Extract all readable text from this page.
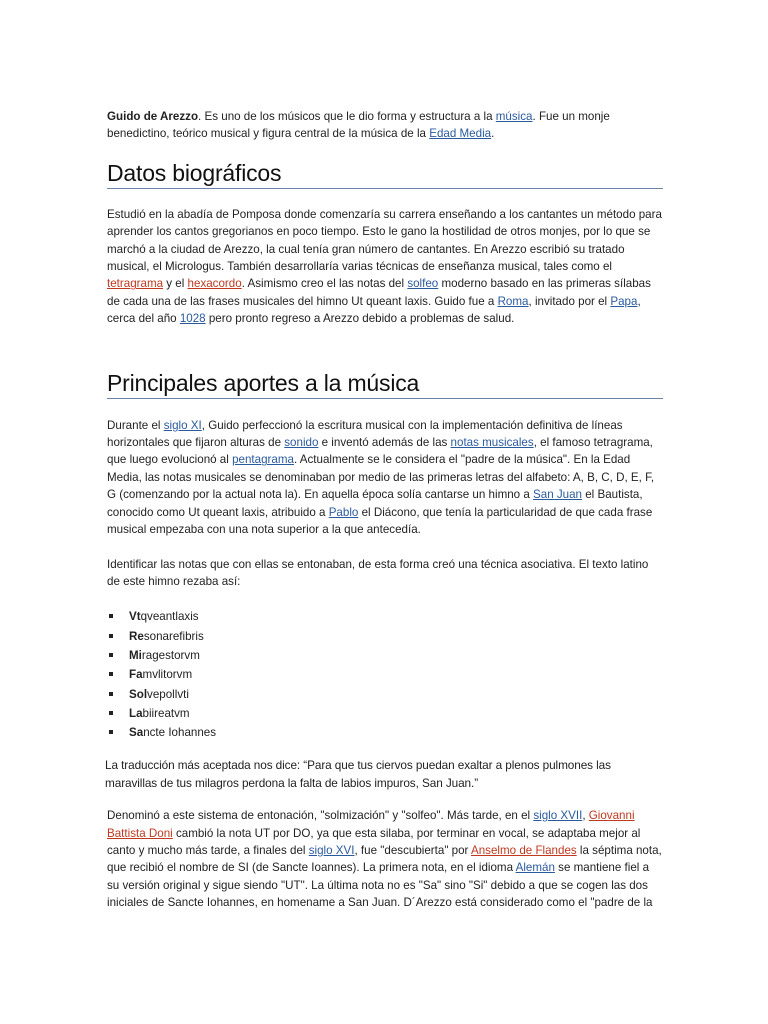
Guido de Arezzo. Es uno de los músicos que le dio forma y estructura a la música. Fue un monje benedictino, teórico musical y figura central de la música de la Edad Media.

Datos biográficos

Estudió en la abadía de Pomposa donde comenzaría su carrera enseñando a los cantantes un método para aprender los cantos gregorianos en poco tiempo. Esto le gano la hostilidad de otros monjes, por lo que se marchó a la ciudad de Arezzo, la cual tenía gran número de cantantes. En Arezzo escribió su tratado musical, el Micrologus. También desarrollaría varias técnicas de enseñanza musical, tales como el tetragrama y el hexacordo. Asimismo creo el las notas del solfeo moderno basado en las primeras sílabas de cada una de las frases musicales del himno Ut queant laxis. Guido fue a Roma, invitado por el Papa, cerca del año 1028 pero pronto regreso a Arezzo debido a problemas de salud.

Principales aportes a la música

Durante el siglo XI, Guido perfeccionó la escritura musical con la implementación definitiva de líneas horizontales que fijaron alturas de sonido e inventó además de las notas musicales, el famoso tetragrama, que luego evolucionó al pentagrama. Actualmente se le considera el "padre de la música". En la Edad Media, las notas musicales se denominaban por medio de las primeras letras del alfabeto: A, B, C, D, E, F, G (comenzando por la actual nota la). En aquella época solía cantarse un himno a San Juan el Bautista, conocido como Ut queant laxis, atribuido a Pablo el Diácono, que tenía la particularidad de que cada frase musical empezaba con una nota superior a la que antecedía.

Identificar las notas que con ellas se entonaban, de esta forma creó una técnica asociativa. El texto latino de este himno rezaba así:

Vtqveantlaxis
Resonarefibris
Miragestorvm
Famvlitorvm
Solvepollvti
Labiireatvm
Sancte Iohannes

La traducción más aceptada nos dice: “Para que tus ciervos puedan exaltar a plenos pulmones las maravillas de tus milagros perdona la falta de labios impuros, San Juan.”

Denominó a este sistema de entonación, "solmización" y "solfeo". Más tarde, en el siglo XVII, Giovanni Battista Doni cambió la nota UT por DO, ya que esta silaba, por terminar en vocal, se adaptaba mejor al canto y mucho más tarde, a finales del siglo XVI, fue "descubierta" por Anselmo de Flandes la séptima nota, que recibió el nombre de SI (de Sancte Ioannes). La primera nota, en el idioma Alemán se mantiene fiel a su versión original y sigue siendo "UT". La última nota no es "Sa" sino "Si" debido a que se cogen las dos iniciales de Sancte Iohannes, en homename a San Juan. D´Arezzo está considerado como el "padre de la
